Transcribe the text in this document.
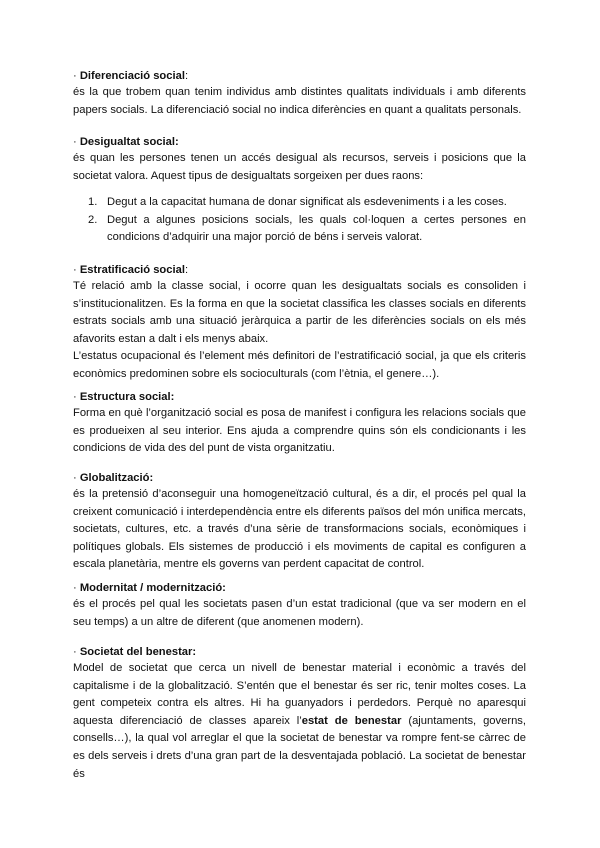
· Diferenciació social:

és la que trobem quan tenim individus amb distintes qualitats individuals i amb diferents papers socials. La diferenciació social no indica diferències en quant a qualitats personals.

· Desigualtat social:

és quan les persones tenen un accés desigual als recursos, serveis i posicions que la societat valora. Aquest tipus de desigualtats sorgeixen per dues raons:

1. Degut a la capacitat humana de donar significat als esdeveniments i a les coses.
2. Degut a algunes posicions socials, les quals col·loquen a certes persones en condicions d’adquirir una major porció de béns i serveis valorat.
· Estratificació social:

Té relació amb la classe social, i ocorre quan les desigualtats socials es consoliden i s’institucionalitzen. Es la forma en que la societat classifica les classes socials en diferents estrats socials amb una situació jeràrquica a partir de les diferències socials on els més afavorits estan a dalt i els menys abaix.

L’estatus ocupacional és l’element més definitori de l’estratificació social, ja que els criteris econòmics predominen sobre els socioculturals (com l’ètnia, el genere…).

· Estructura social:

Forma en què l’organització social es posa de manifest i configura les relacions socials que es produeixen al seu interior. Ens ajuda a comprendre quins són els condicionants i les condicions de vida des del punt de vista organitzatiu.

· Globalització:

és la pretensió d’aconseguir una homogeneïtzació cultural, és a dir, el procés pel qual la creixent comunicació i interdependència entre els diferents països del món unifica mercats, societats, cultures, etc. a través d’una sèrie de transformacions socials, econòmiques i polítiques globals. Els sistemes de producció i els moviments de capital es configuren a escala planetària, mentre els governs van perdent capacitat de control.

· Modernitat / modernització:

és el procés pel qual les societats pasen d’un estat tradicional (que va ser modern en el seu temps) a un altre de diferent (que anomenen modern).

· Societat del benestar:

Model de societat que cerca un nivell de benestar material i econòmic a través del capitalisme i de la globalització. S’entén que el benestar és ser ric, tenir moltes coses. La gent competeix contra els altres. Hi ha guanyadors i perdedors. Perquè no aparesqui aquesta diferenciació de classes apareix l’estat de benestar (ajuntaments, governs, consells…), la qual vol arreglar el que la societat de benestar va rompre fent-se càrrec de es dels serveis i drets d’una gran part de la desventajada població. La societat de benestar és
